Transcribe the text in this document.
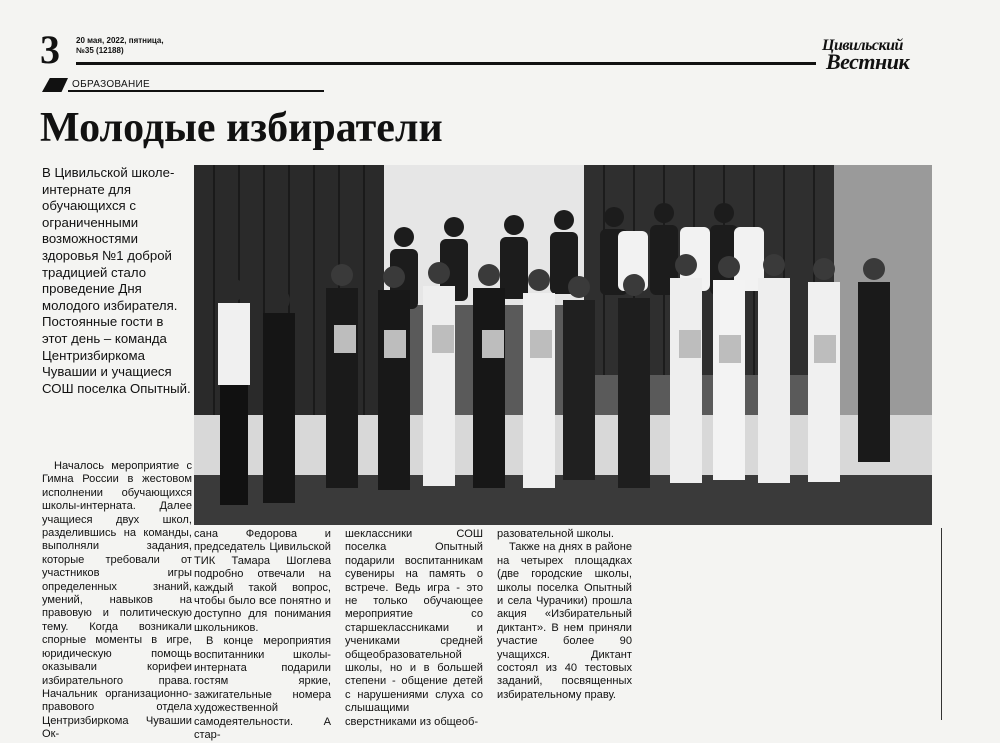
3 20 мая, 2022, пятница,
№35 (12188)	Цивильский
Вестник
ОБРАЗОВАНИЕ
Молодые избиратели

В Цивильской школе-интернате для обучающихся с ограниченными возможностями здоровья №1 доброй традицией стало проведение Дня молодого избирателя. Постоянные гости в этот день – команда Центризбиркома Чувашии и учащиеся СОШ поселка Опытный.

Началось мероприятие с Гимна России в жестовом исполнении обучающихся школы-интерната. Далее учащиеся двух школ, разделившись на команды, выполняли задания, которые требовали от участников игры определенных знаний, умений, навыков на правовую и политическую тему. Когда возникали спорные моменты в игре, юридическую помощь оказывали корифеи избирательного права. Начальник организационно-правового отдела Центризбиркома Чувашии Ок-

сана Федорова и председатель Цивильской ТИК Тамара Шоглева подробно отвечали на каждый такой вопрос, чтобы было все понятно и доступно для понимания школьников.

В конце мероприятия воспитанники школы-интерната подарили гостям яркие, зажигательные номера художественной самодеятельности. А стар-

шеклассники СОШ поселка Опытный подарили воспитанникам сувениры на память о встрече. Ведь игра - это не только обучающее мероприятие со старшеклассниками и учениками средней общеобразовательной школы, но и в большей степени - общение детей с нарушениями слуха со слышащими сверстниками из общеоб-

разовательной школы.

Также на днях в районе на четырех площадках (две городские школы, школы поселка Опытный и села Чурачики) прошла акция «Избирательный диктант». В нем приняли участие более 90 учащихся. Диктант состоял из 40 тестовых заданий, посвященных избирательному праву.
